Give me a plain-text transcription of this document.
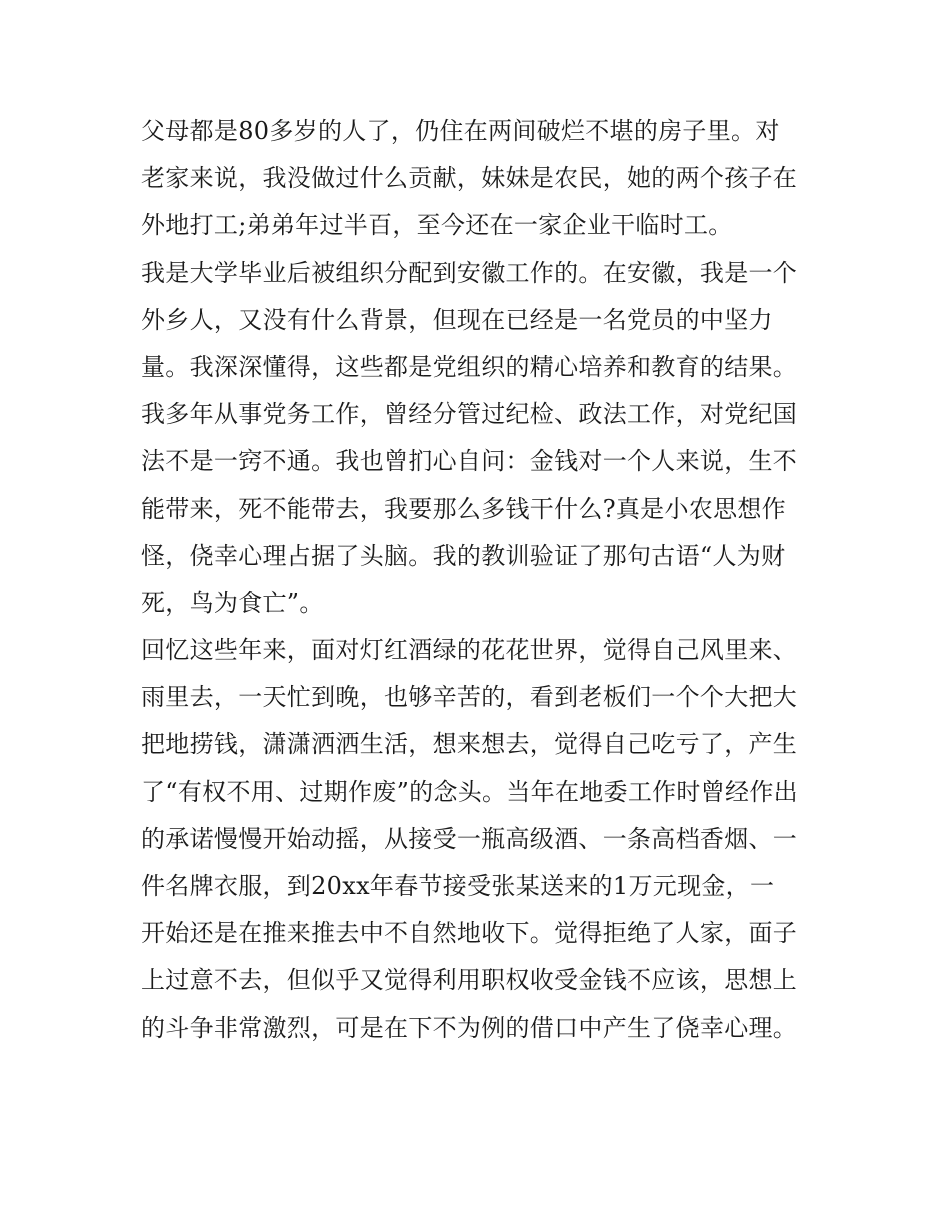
父母都是80多岁的人了，仍住在两间破烂不堪的房子里。对
老家来说，我没做过什么贡献，妹妹是农民，她的两个孩子在
外地打工;弟弟年过半百，至今还在一家企业干临时工。
我是大学毕业后被组织分配到安徽工作的。在安徽，我是一个
外乡人，又没有什么背景，但现在已经是一名党员的中坚力
量。我深深懂得，这些都是党组织的精心培养和教育的结果。
我多年从事党务工作，曾经分管过纪检、政法工作，对党纪国
法不是一窍不通。我也曾扪心自问：金钱对一个人来说，生不
能带来，死不能带去，我要那么多钱干什么?真是小农思想作
怪，侥幸心理占据了头脑。我的教训验证了那句古语“人为财
死，鸟为食亡”。
回忆这些年来，面对灯红酒绿的花花世界，觉得自己风里来、
雨里去，一天忙到晚，也够辛苦的，看到老板们一个个大把大
把地捞钱，潇潇洒洒生活，想来想去，觉得自己吃亏了，产生
了“有权不用、过期作废”的念头。当年在地委工作时曾经作出
的承诺慢慢开始动摇，从接受一瓶高级酒、一条高档香烟、一
件名牌衣服，到20xx年春节接受张某送来的1万元现金，一
开始还是在推来推去中不自然地收下。觉得拒绝了人家，面子
上过意不去，但似乎又觉得利用职权收受金钱不应该，思想上
的斗争非常激烈，可是在下不为例的借口中产生了侥幸心理。
